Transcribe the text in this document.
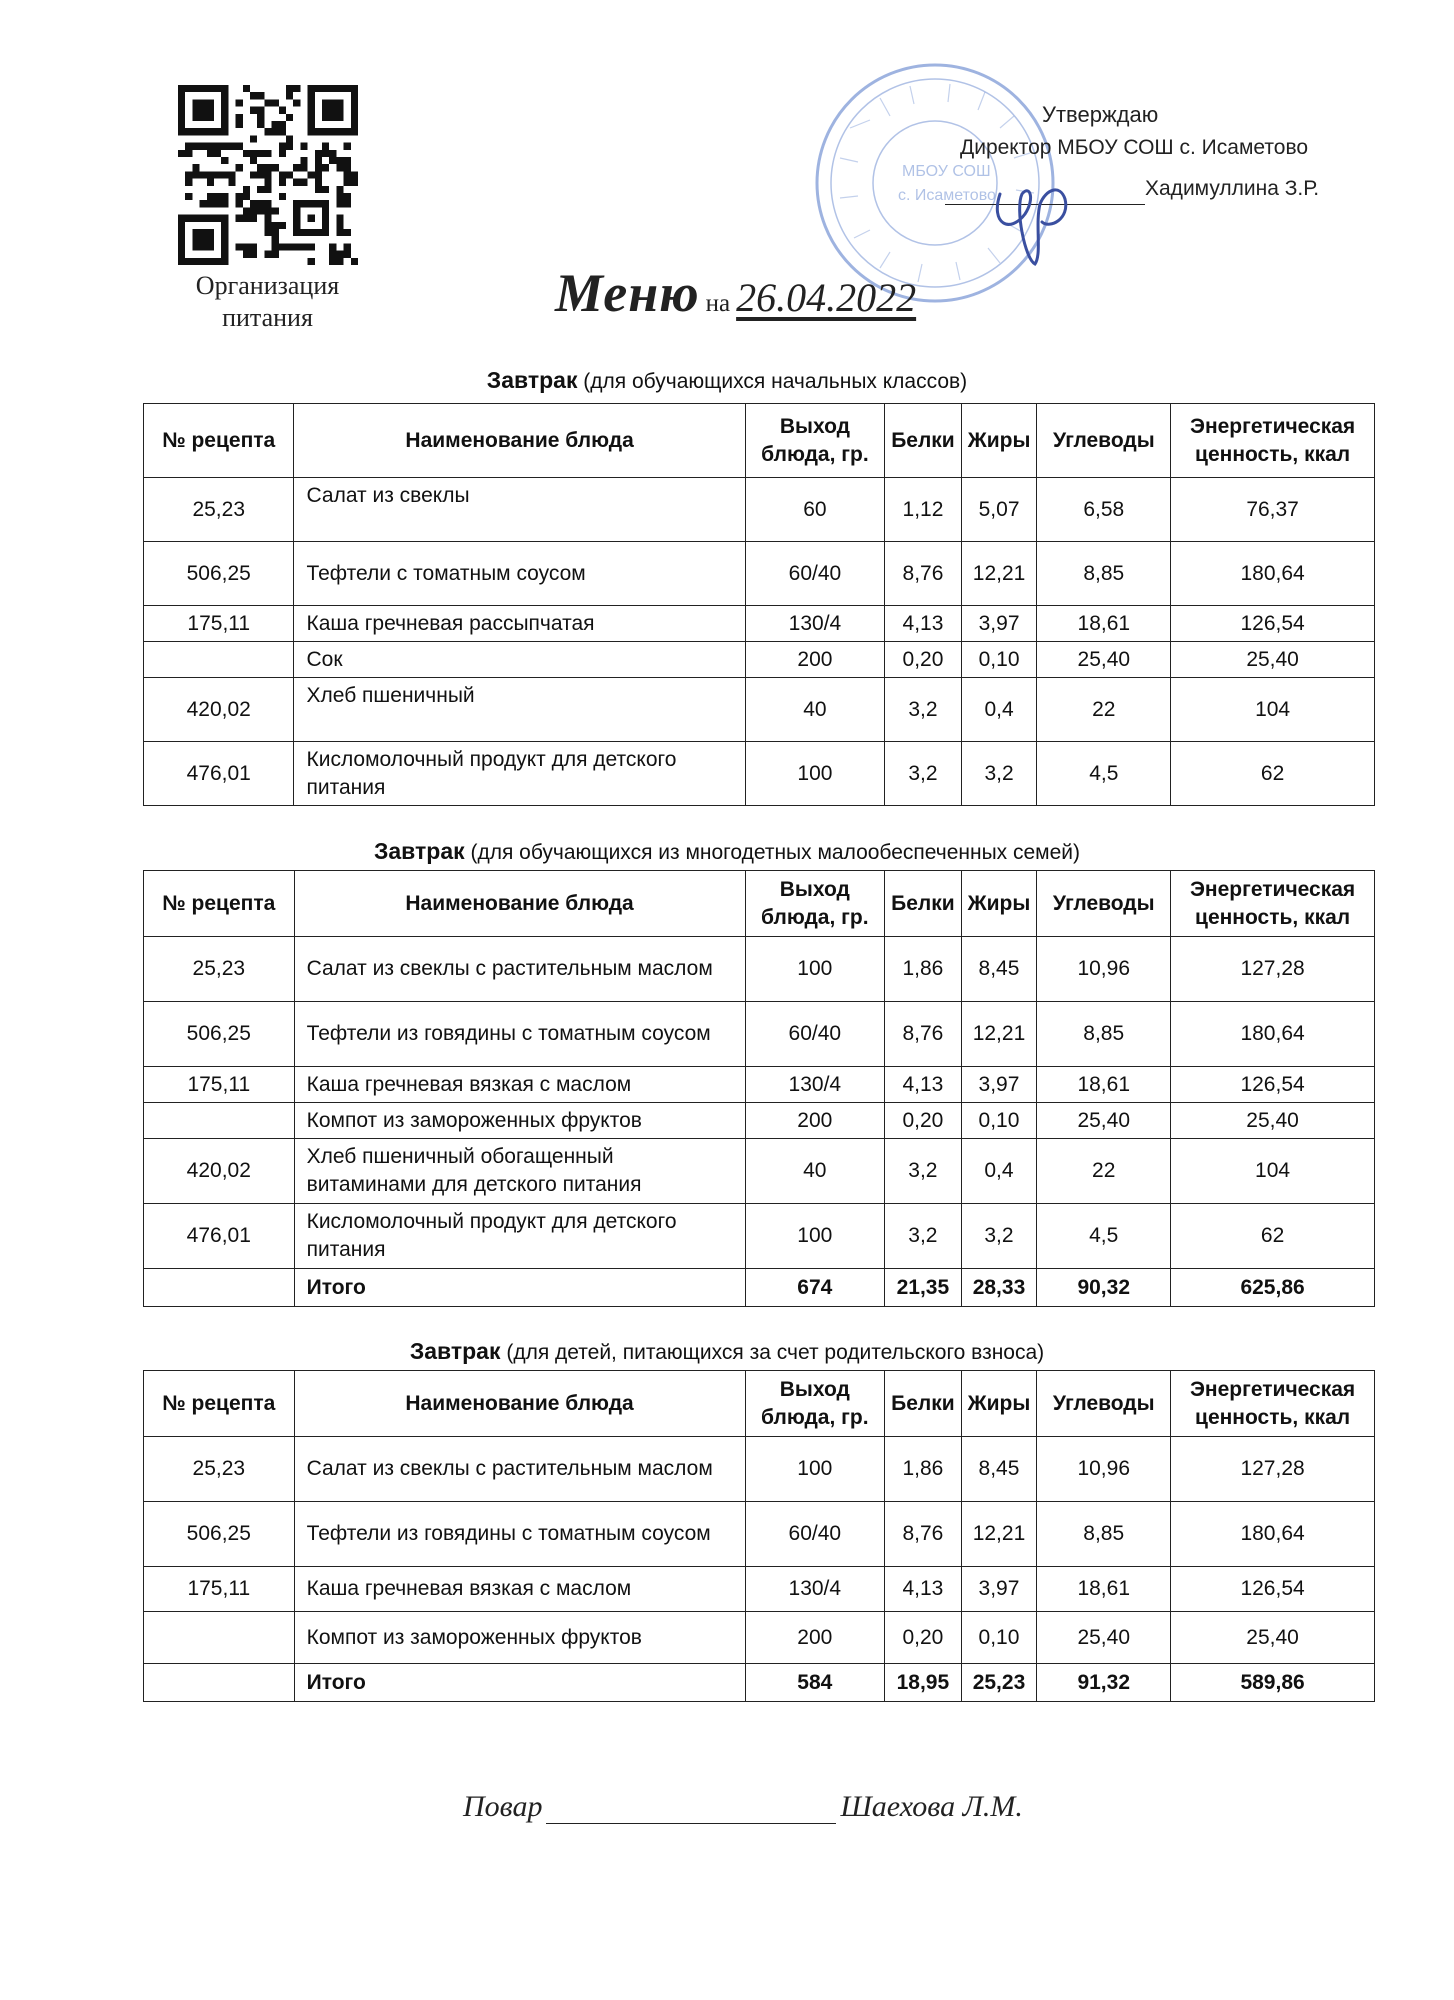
Организация питания
МБОУ СОШ
с. Исаметово
Утверждаю
Директор МБОУ СОШ с. Исаметово
Хадимуллина З.Р.
Меню на 26.04.2022
Завтрак (для обучающихся начальных классов)
№ рецепта	Наименование блюда	Выход блюда, гр.	Белки	Жиры	Углеводы	Энергетическая ценность, ккал
25,23	Салат из свеклы	60	1,12	5,07	6,58	76,37
506,25	Тефтели с томатным соусом	60/40	8,76	12,21	8,85	180,64
175,11	Каша гречневая рассыпчатая	130/4	4,13	3,97	18,61	126,54
	Сок	200	0,20	0,10	25,40	25,40
420,02	Хлеб пшеничный	40	3,2	0,4	22	104
476,01	Кисломолочный продукт для детского питания	100	3,2	3,2	4,5	62
Завтрак (для обучающихся из многодетных малообеспеченных семей)
№ рецепта	Наименование блюда	Выход блюда, гр.	Белки	Жиры	Углеводы	Энергетическая ценность, ккал
25,23	Салат из свеклы с растительным маслом	100	1,86	8,45	10,96	127,28
506,25	Тефтели из говядины с томатным соусом	60/40	8,76	12,21	8,85	180,64
175,11	Каша гречневая вязкая с маслом	130/4	4,13	3,97	18,61	126,54
	Компот из замороженных фруктов	200	0,20	0,10	25,40	25,40
420,02	Хлеб пшеничный обогащенный витаминами для детского питания	40	3,2	0,4	22	104
476,01	Кисломолочный продукт для детского питания	100	3,2	3,2	4,5	62
	Итого	674	21,35	28,33	90,32	625,86
Завтрак (для детей, питающихся за счет родительского взноса)
№ рецепта	Наименование блюда	Выход блюда, гр.	Белки	Жиры	Углеводы	Энергетическая ценность, ккал
25,23	Салат из свеклы с растительным маслом	100	1,86	8,45	10,96	127,28
506,25	Тефтели из говядины с томатным соусом	60/40	8,76	12,21	8,85	180,64
175,11	Каша гречневая вязкая с маслом	130/4	4,13	3,97	18,61	126,54
	Компот из замороженных фруктов	200	0,20	0,10	25,40	25,40
	Итого	584	18,95	25,23	91,32	589,86
Повар	Шаехова Л.М.
